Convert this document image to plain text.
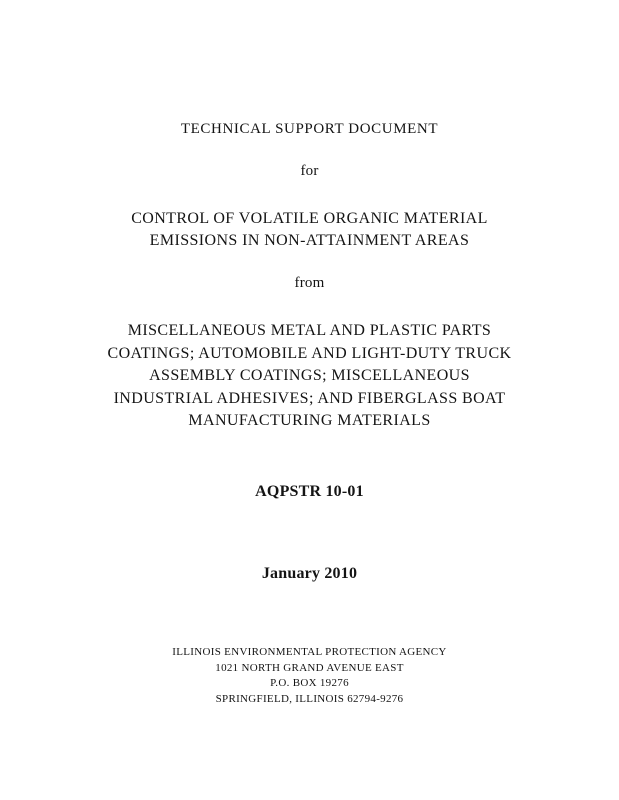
TECHNICAL SUPPORT DOCUMENT
for
CONTROL OF VOLATILE ORGANIC MATERIAL
EMISSIONS IN NON-ATTAINMENT AREAS
from
MISCELLANEOUS METAL AND PLASTIC PARTS
COATINGS; AUTOMOBILE AND LIGHT-DUTY TRUCK
ASSEMBLY COATINGS; MISCELLANEOUS
INDUSTRIAL ADHESIVES; AND FIBERGLASS BOAT
MANUFACTURING MATERIALS
AQPSTR 10-01
January 2010
ILLINOIS ENVIRONMENTAL PROTECTION AGENCY
1021 NORTH GRAND AVENUE EAST
P.O. BOX 19276
SPRINGFIELD, ILLINOIS 62794-9276
